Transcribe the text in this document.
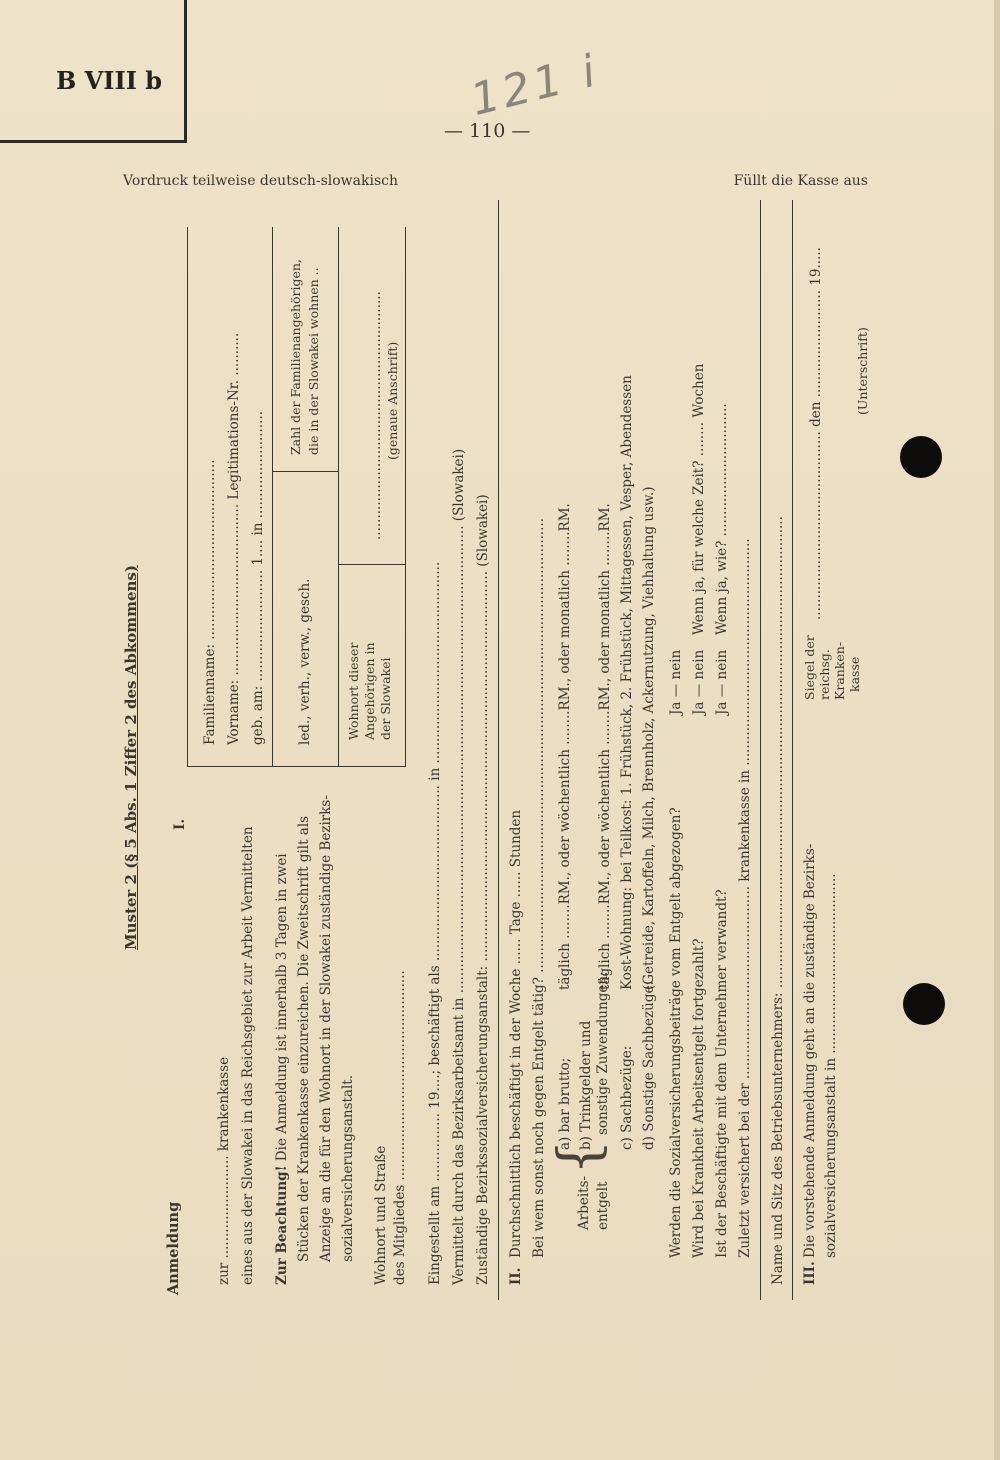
B VIII b	121 i
— 110 —
Vordruck teilweise deutsch-slowakisch	Füllt die Kasse aus
Muster 2 (§ 5 Abs. 1 Ziffer 2 des Abkommens)
Anmeldung
I.
zur ........................ krankenkasse eines aus der Slowakei in das Reichsgebiet zur Arbeit Vermittelten Zur Beachtung! Die Anmeldung ist innerhalb 3 Tagen in zwei Stücken der Krankenkasse einzureichen. Die Zweitschrift gilt als Anzeige an die für den Wohnort in der Slowakei zuständige Bezirks- sozialversicherungsanstalt. Wohnort und Straße des Mitgliedes .................................................
Familienname: .......................................... Vorname: ........................................ Legitimations-Nr. .......... geb. am: .......................... 1.... in ......................... led., verh., verw., gesch.
Zahl der Familienangehörigen, die in der Slowakei wohnen ..
Wohnort dieser Angehörigen in der Slowakei
.......................................................... (genaue Anschrift)
Eingestellt am ................ 19....; beschäftigt als ......................................... in ............................................... Vermittelt durch das Bezirksarbeitsamt in ............................................................................................................. (Slowakei) Zuständige Bezirkssozialversicherungsanstalt: ........................................................................................... (Slowakei) II.
Durchschnittlich beschäftigt in der Woche ...... Tage ...... Stunden Bei wem sonst noch gegen Entgelt tätig? .......................................................................................................... Arbeits- entgelt
{
a) bar brutto;
täglich ........RM., oder wöchentlich ........RM., oder monatlich ........RM.
b) Trinkgelder und sonstige Zuwendungen:
täglich ........RM., oder wöchentlich ........RM., oder monatlich ........RM.
c) Sachbezüge:
Kost-Wohnung: bei Teilkost: 1. Frühstück, 2. Frühstück, Mittagessen, Vesper, Abendessen
d) Sonstige Sachbezüge:
(Getreide, Kartoffeln, Milch, Brennholz, Ackernutzung, Viehhaltung usw.)
Werden die Sozialversicherungsbeiträge vom Entgelt abgezogen?
Ja — nein
Wird bei Krankheit Arbeitsentgelt fortgezahlt?
Ja — nein
Wenn ja, für welche Zeit? ........ Wochen
Ist der Beschäftigte mit dem Unternehmer verwandt?
Ja — nein
Wenn ja, wie? ...............................
Zuletzt versichert bei der ............................................. krankenkasse in ..................................................... Name und Sitz des Betriebsunternehmers: .............................................................................................................. III.
Die vorstehende Anmeldung geht an die zuständige Bezirks- sozialversicherungsanstalt in ..........................................
Siegel der reichsg. Kranken- kasse
............................................ den ......................... 19..... (Unterschrift)
